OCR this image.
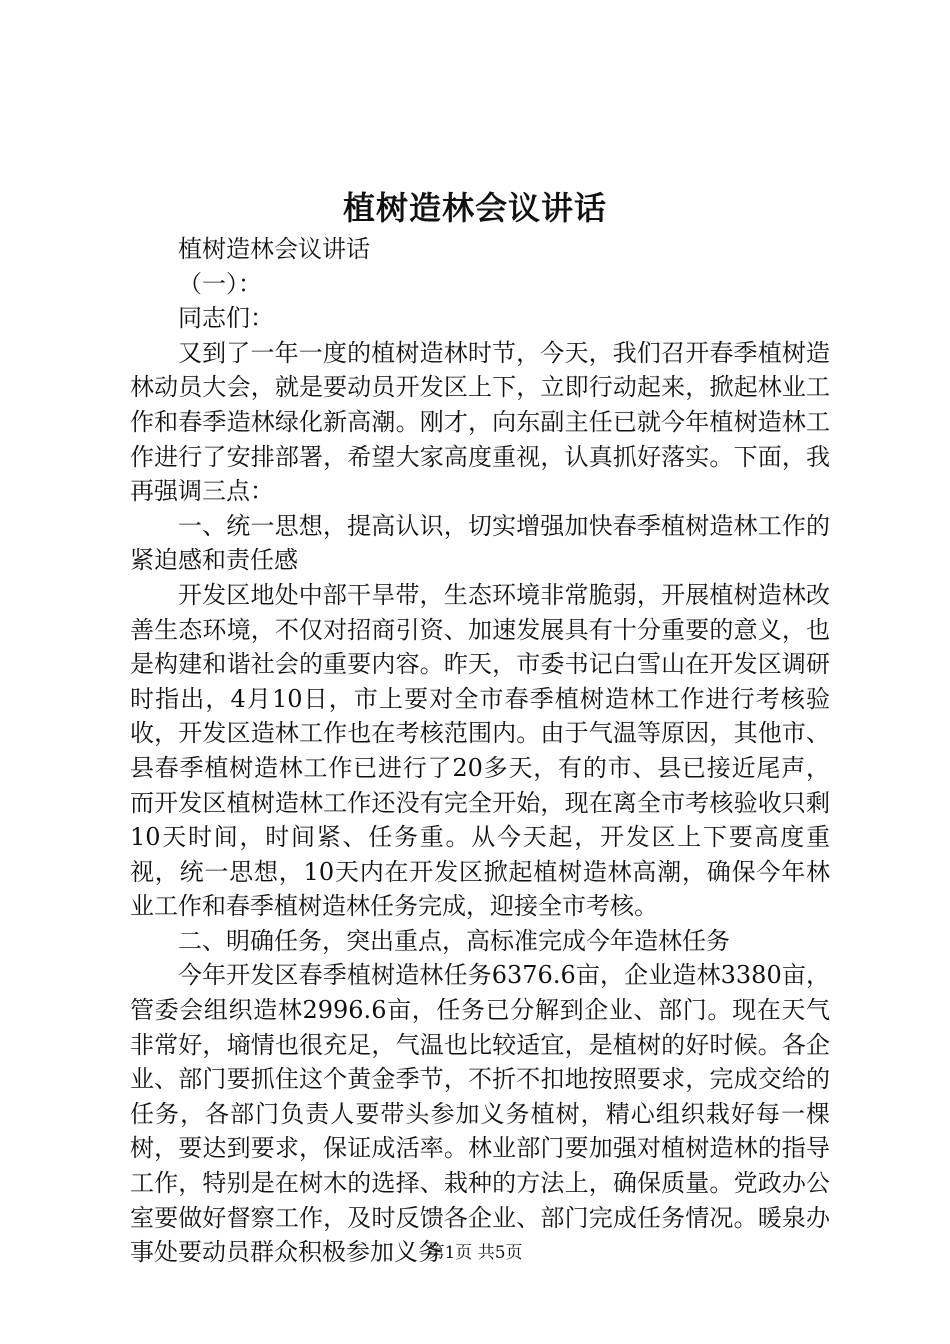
植树造林会议讲话

植树造林会议讲话

（一）：

同志们：

又到了一年一度的植树造林时节，今天，我们召开春季植树造林动员大会，就是要动员开发区上下，立即行动起来，掀起林业工作和春季造林绿化新高潮。刚才，向东副主任已就今年植树造林工作进行了安排部署，希望大家高度重视，认真抓好落实。下面，我再强调三点：

一、统一思想，提高认识，切实增强加快春季植树造林工作的紧迫感和责任感

开发区地处中部干旱带，生态环境非常脆弱，开展植树造林改善生态环境，不仅对招商引资、加速发展具有十分重要的意义，也是构建和谐社会的重要内容。昨天，市委书记白雪山在开发区调研时指出，4月10日，市上要对全市春季植树造林工作进行考核验收，开发区造林工作也在考核范围内。由于气温等原因，其他市、县春季植树造林工作已进行了20多天，有的市、县已接近尾声，而开发区植树造林工作还没有完全开始，现在离全市考核验收只剩10天时间，时间紧、任务重。从今天起，开发区上下要高度重视，统一思想，10天内在开发区掀起植树造林高潮，确保今年林业工作和春季植树造林任务完成，迎接全市考核。

二、明确任务，突出重点，高标准完成今年造林任务

今年开发区春季植树造林任务6376.6亩，企业造林3380亩，管委会组织造林2996.6亩，任务已分解到企业、部门。现在天气非常好，墒情也很充足，气温也比较适宜，是植树的好时候。各企业、部门要抓住这个黄金季节，不折不扣地按照要求，完成交给的任务，各部门负责人要带头参加义务植树，精心组织栽好每一棵树，要达到要求，保证成活率。林业部门要加强对植树造林的指导工作，特别是在树木的选择、栽种的方法上，确保质量。党政办公室要做好督察工作，及时反馈各企业、部门完成任务情况。暖泉办事处要动员群众积极参加义务

第1页 共5页
